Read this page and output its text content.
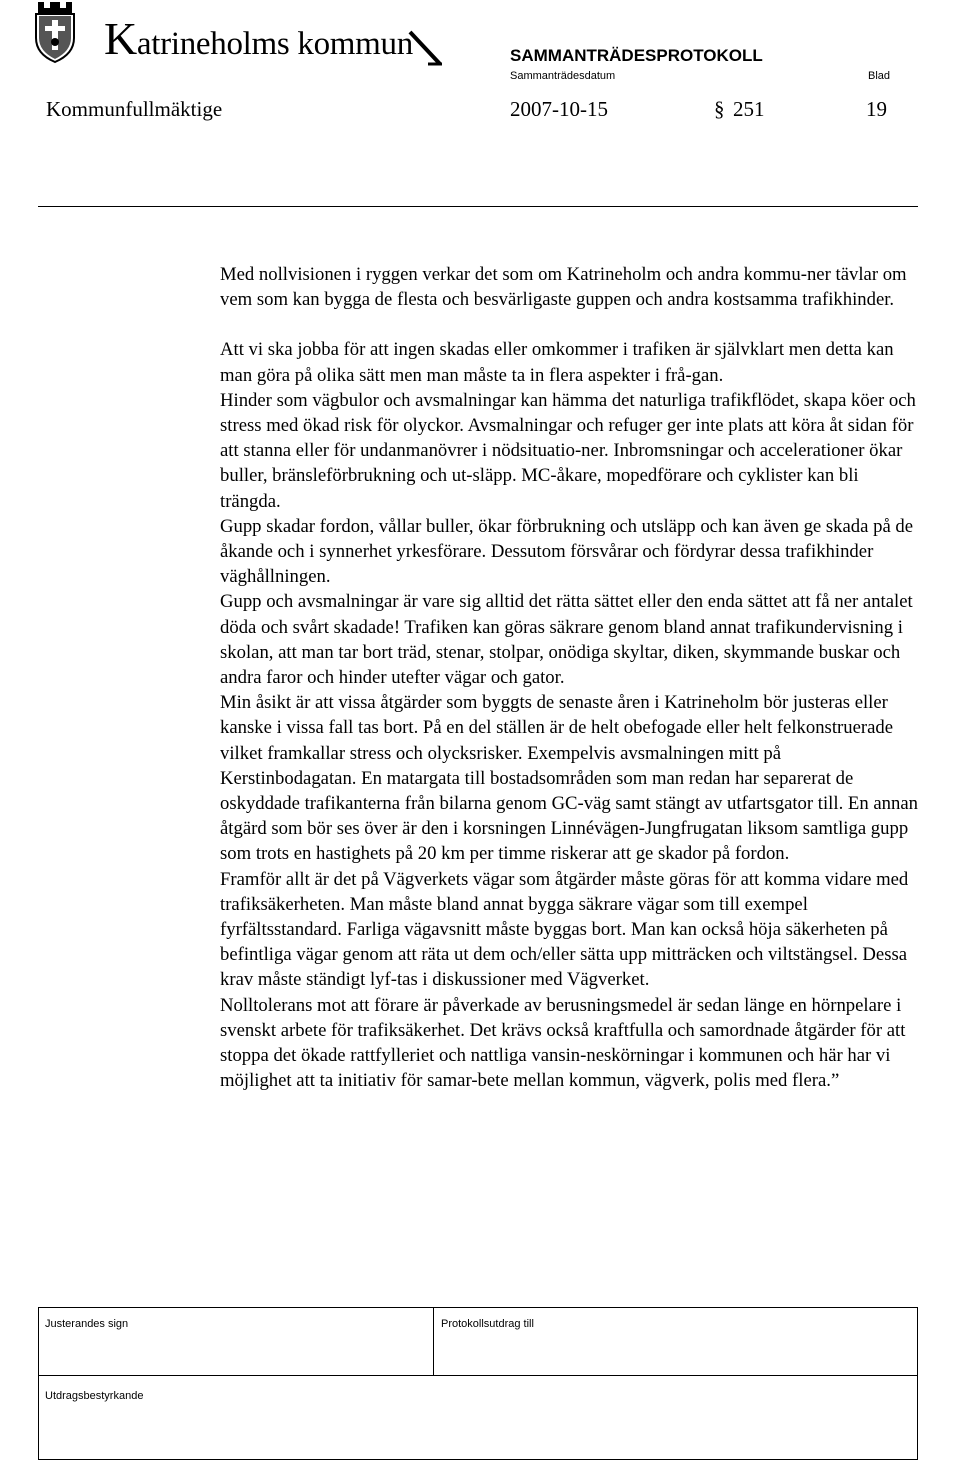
Katrineholms kommun	SAMMANTRÄDESPROTOKOLL
Sammanträdesdatum	Blad
Kommunfullmäktige	2007-10-15	§ 251	19

Med nollvisionen i ryggen verkar det som om Katrineholm och andra kommu-ner tävlar om vem som kan bygga de flesta och besvärligaste guppen och andra kostsamma trafikhinder.

Att vi ska jobba för att ingen skadas eller omkommer i trafiken är självklart men detta kan man göra på olika sätt men man måste ta in flera aspekter i frå-gan.

Hinder som vägbulor och avsmalningar kan hämma det naturliga trafikflödet, skapa köer och stress med ökad risk för olyckor. Avsmalningar och refuger ger inte plats att köra åt sidan för att stanna eller för undanmanövrer i nödsituatio-ner. Inbromsningar och accelerationer ökar buller, bränsleförbrukning och ut-släpp. MC-åkare, mopedförare och cyklister kan bli trängda.

Gupp skadar fordon, vållar buller, ökar förbrukning och utsläpp och kan även ge skada på de åkande och i synnerhet yrkesförare. Dessutom försvårar och fördyrar dessa trafikhinder väghållningen.

Gupp och avsmalningar är vare sig alltid det rätta sättet eller den enda sättet att få ner antalet döda och svårt skadade! Trafiken kan göras säkrare genom bland annat trafikundervisning i skolan, att man tar bort träd, stenar, stolpar, onödiga skyltar, diken, skymmande buskar och andra faror och hinder utefter vägar och gator.

Min åsikt är att vissa åtgärder som byggts de senaste åren i Katrineholm bör justeras eller kanske i vissa fall tas bort. På en del ställen är de helt obefogade eller helt felkonstruerade vilket framkallar stress och olycksrisker. Exempelvis avsmalningen mitt på Kerstinbodagatan. En matargata till bostadsområden som man redan har separerat de oskyddade trafikanterna från bilarna genom GC-väg samt stängt av utfartsgator till. En annan åtgärd som bör ses över är den i korsningen Linnévägen-Jungfrugatan liksom samtliga gupp som trots en hastighets på 20 km per timme riskerar att ge skador på fordon.

Framför allt är det på Vägverkets vägar som åtgärder måste göras för att komma vidare med trafiksäkerheten. Man måste bland annat bygga säkrare vägar som till exempel fyrfältsstandard. Farliga vägavsnitt måste byggas bort. Man kan också höja säkerheten på befintliga vägar genom att räta ut dem och/eller sätta upp mitträcken och viltstängsel. Dessa krav måste ständigt lyf-tas i diskussioner med Vägverket.

Nolltolerans mot att förare är påverkade av berusningsmedel är sedan länge en hörnpelare i svenskt arbete för trafiksäkerhet. Det krävs också kraftfulla och samordnade åtgärder för att stoppa det ökade rattfylleriet och nattliga vansin-neskörningar i kommunen och här har vi möjlighet att ta initiativ för samar-bete mellan kommun, vägverk, polis med flera.”

Justerandes sign	Protokollsutdrag till
Utdragsbestyrkande
